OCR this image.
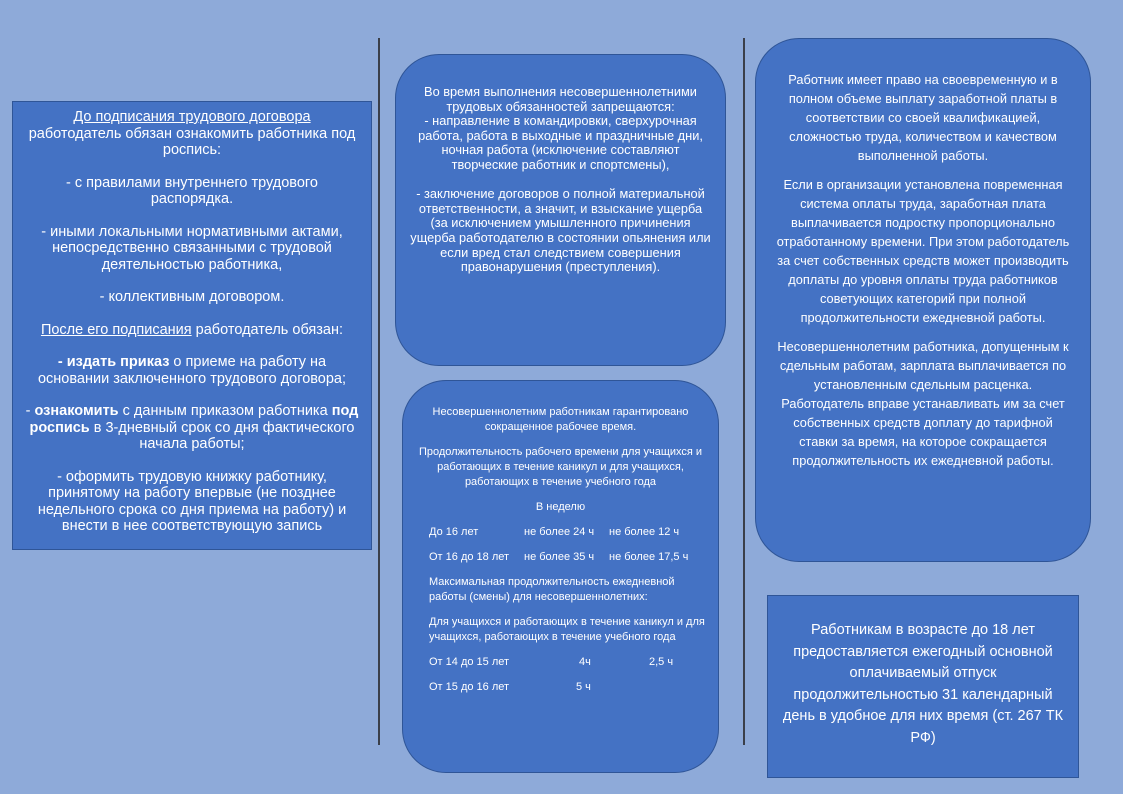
До подписания трудового договора
работодатель обязан ознакомить работника под роспись:

- с правилами внутреннего трудового распорядка.

- иными локальными нормативными актами, непосредственно связанными с трудовой деятельностью работника,

- коллективным договором.

После его подписания работодатель обязан:

- издать приказ о приеме на работу на основании заключенного трудового договора;

- ознакомить с данным приказом работника под роспись в 3-дневный срок со дня фактического начала работы;

- оформить трудовую книжку работнику, принятому на работу впервые (не позднее недельного срока со дня приема на работу) и внести в нее соответствующую запись

Во время выполнения несовершеннолетними трудовых обязанностей запрещаются:

- направление в командировки, сверхурочная работа, работа в выходные и праздничные дни, ночная работа (исключение составляют творческие работник и спортсмены),

- заключение договоров о полной материальной ответственности, а значит, и взыскание ущерба (за исключением умышленного причинения ущерба работодателю в состоянии опьянения или если вред стал следствием совершения правонарушения (преступления).

Несовершеннолетним работникам гарантировано сокращенное рабочее время.

Продолжительность рабочего времени для учащихся и работающих в течение каникул и для учащихся, работающих в течение учебного года

В неделю

До 16 лет	не более 24 ч не более 12 ч
От 16 до 18 лет не более 35 ч не более 17,5 ч

Максимальная продолжительность ежедневной работы (смены) для несовершеннолетних:

Для учащихся и работающих в течение каникул и для учащихся, работающих в течение учебного года

От 14 до 15 лет	4ч	2,5 ч
От 15 до 16 лет	5 ч

Работник имеет право на своевременную и в полном объеме выплату заработной платы в соответствии со своей квалификацией, сложностью труда, количеством и качеством выполненной работы.

Если в организации установлена повременная система оплаты труда, заработная плата выплачивается подростку пропорционально отработанному времени. При этом работодатель за счет собственных средств может производить доплаты до уровня оплаты труда работников советующих категорий при полной продолжительности ежедневной работы.

Несовершеннолетним работника, допущенным к сдельным работам, зарплата выплачивается по установленным сдельным расценка. Работодатель вправе устанавливать им за счет собственных средств доплату до тарифной ставки за время, на которое сокращается продолжительность их ежедневной работы.

Работникам в возрасте до 18 лет предоставляется ежегодный основной оплачиваемый отпуск продолжительностью 31 календарный день в удобное для них время (ст. 267 ТК РФ)
